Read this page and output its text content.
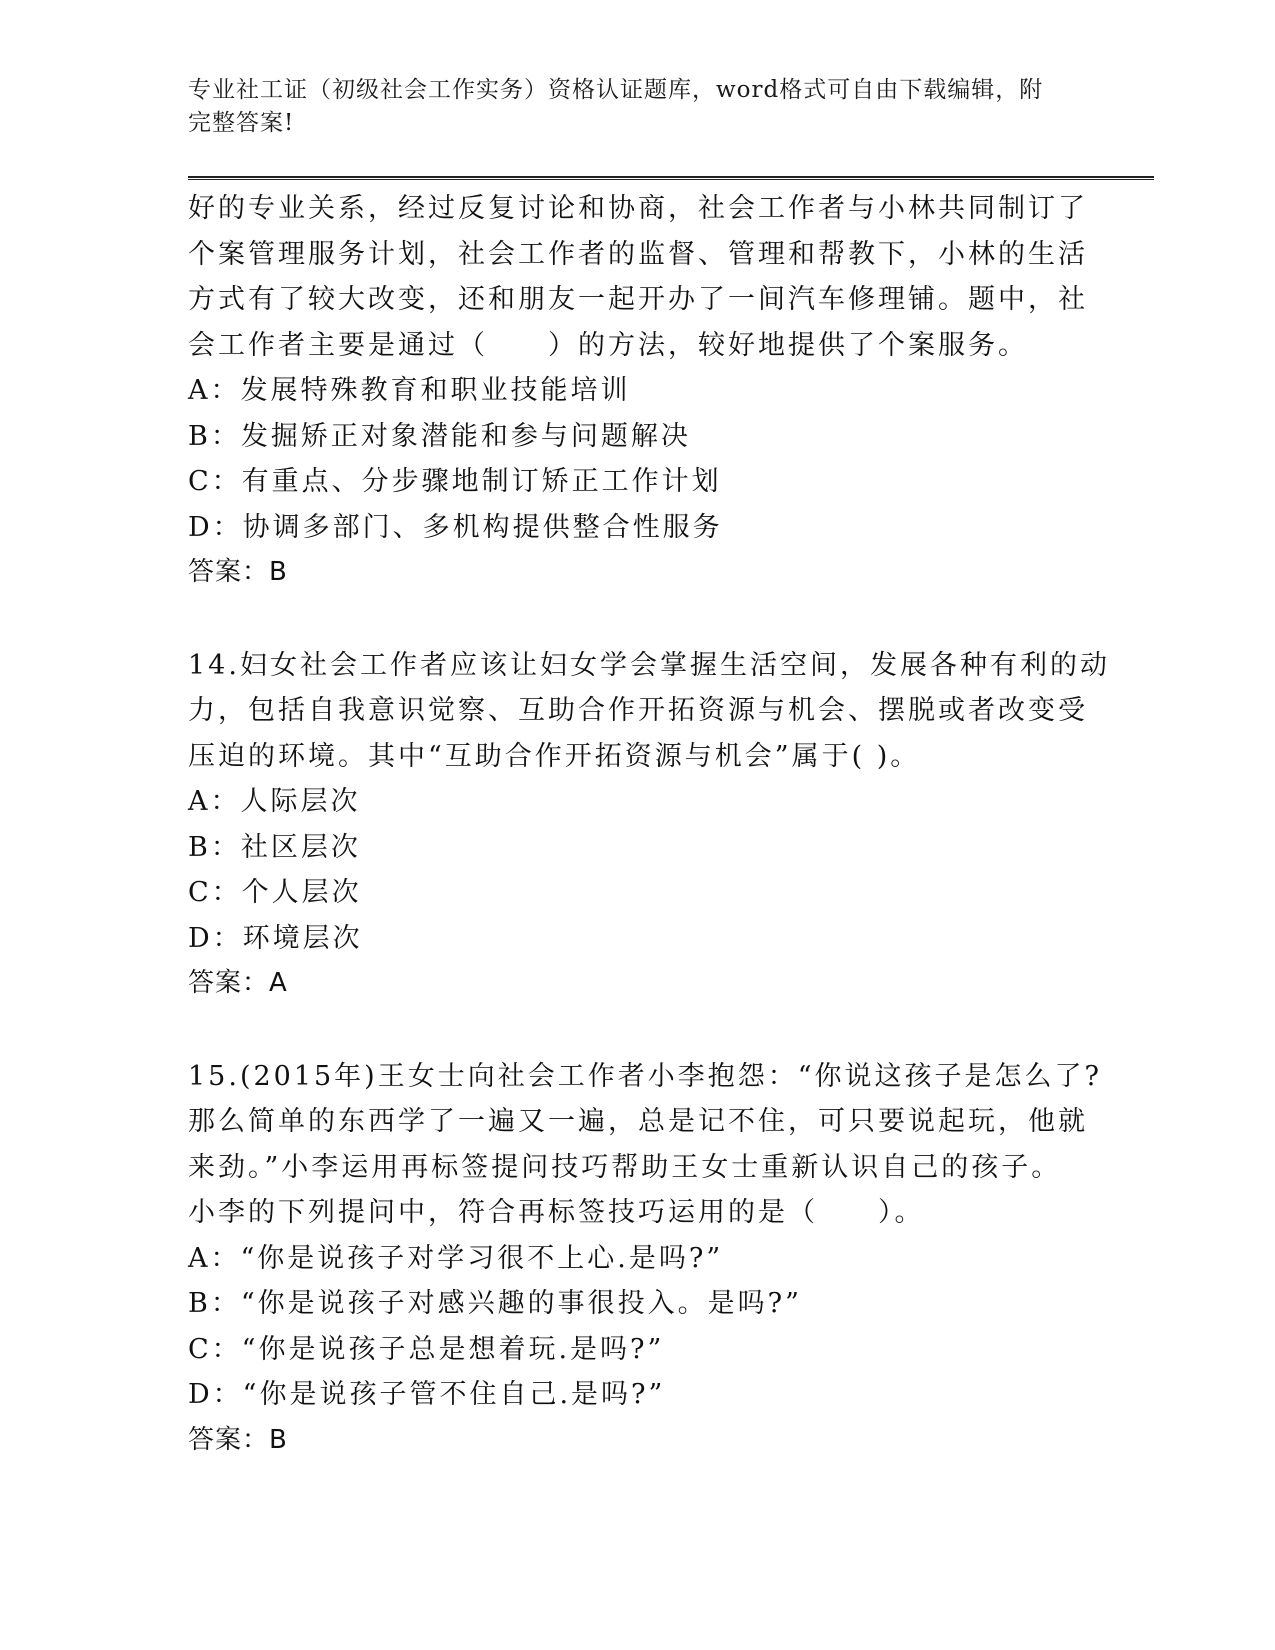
专业社工证（初级社会工作实务）资格认证题库，word格式可自由下载编辑，附
完整答案!
好的专业关系，经过反复讨论和协商，社会工作者与小林共同制订了
个案管理服务计划，社会工作者的监督、管理和帮教下，小林的生活
方式有了较大改变，还和朋友一起开办了一间汽车修理铺。题中，社
会工作者主要是通过（　　）的方法，较好地提供了个案服务。
A：发展特殊教育和职业技能培训
B：发掘矫正对象潜能和参与问题解决
C：有重点、分步骤地制订矫正工作计划
D：协调多部门、多机构提供整合性服务
答案：B
14.妇女社会工作者应该让妇女学会掌握生活空间，发展各种有利的动
力，包括自我意识觉察、互助合作开拓资源与机会、摆脱或者改变受
压迫的环境。其中“互助合作开拓资源与机会”属于( )。
A：人际层次
B：社区层次
C：个人层次
D：环境层次
答案：A
15.(2015年)王女士向社会工作者小李抱怨：“你说这孩子是怎么了?
那么简单的东西学了一遍又一遍，总是记不住，可只要说起玩，他就
来劲。”小李运用再标签提问技巧帮助王女士重新认识自己的孩子。
小李的下列提问中，符合再标签技巧运用的是（　　）。
A：“你是说孩子对学习很不上心.是吗?”
B：“你是说孩子对感兴趣的事很投入。是吗?”
C：“你是说孩子总是想着玩.是吗?”
D：“你是说孩子管不住自己.是吗?”
答案：B
